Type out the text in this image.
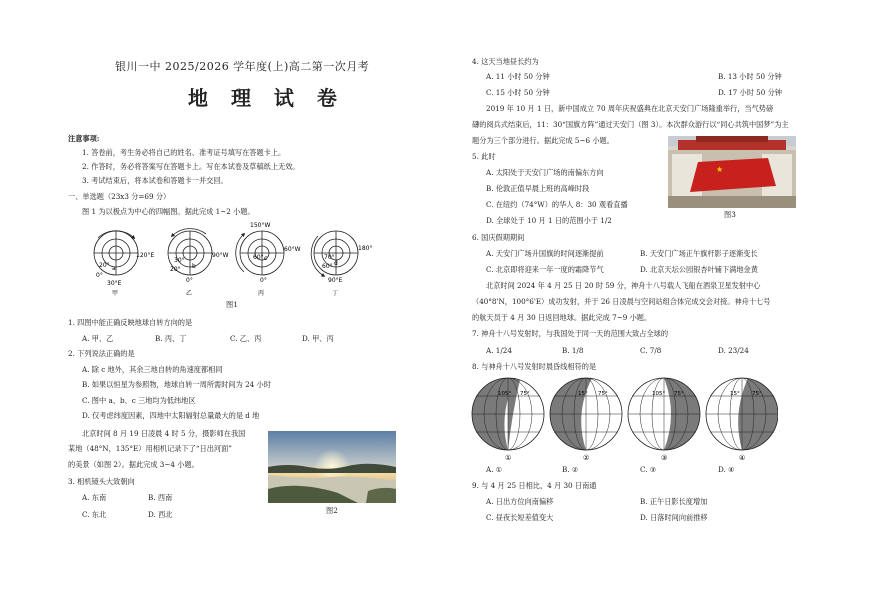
银川一中 2025/2026 学年度(上)高二第一次月考
地 理 试 卷
注意事项:
1. 答卷前，考生务必将自己的姓名、准考证号填写在答题卡上。
2. 作答时，务必将答案写在答题卡上。写在本试卷及草稿纸上无效。
3. 考试结束后，将本试卷和答题卡一并交回。
一、单选题（23x3 分=69 分）
图 1 为以极点为中心的四幅图。据此完成 1~2 小题。
120°E
20°
0°
a
30°E
甲
30°
20°
90°W
0°
b
乙
150°W
60°W
60° c
0°
丙
180°
70°
60° d
90°E
丁
图1
1. 四图中能正确反映地球自转方向的是
A. 甲、乙	B. 丙、丁	C. 乙、丙	D. 甲、丙
2. 下列说法正确的是
A. 除 c 地外，其余三地自转的角速度都相同
B. 如果以恒星为参照物，地球自转一周所需时间为 24 小时
C. 图中 a、b、c 三地均为低纬地区
D. 仅考虑纬度因素，四地中太阳辐射总量最大的是 d 地
北京时间 8 月 19 日凌晨 4 时 5 分，摄影师在我国
某地（48°N，135°E）用相机记录下了“日出河面”
的美景（如图 2）。据此完成 3~4 小题。
图2
3. 相机镜头大致朝向
A. 东南	B. 西南
C. 东北	D. 西北
4. 这天当地昼长约为
A. 11 小时 50 分钟	B. 13 小时 50 分钟
C. 15 小时 50 分钟	D. 17 小时 50 分钟
2019 年 10 月 1 日，新中国成立 70 周年庆祝盛典在北京天安门广场隆重举行，当气势磅
礴的阅兵式结束后，11：30“国旗方阵”通过天安门（图 3）。本次群众游行以“同心共筑中国梦”为主
题分为三个部分进行。据此完成 5~6 小题。
★
图3
5. 此时
A. 太阳处于天安门广场的南偏东方向
B. 伦敦正值早晨上班的高峰时段
C. 在纽约（74°W）的华人 8：30 观看直播
D. 全球处于 10 月 1 日的范围小于 1/2
6. 国庆假期期间
A. 天安门广场升国旗的时间逐渐提前	B. 天安门广场正午旗杆影子逐渐变长
C. 北京即将迎来一年一度的霜降节气	D. 北京天坛公园银杏叶铺下满地金黄
北京时间 2024 年 4 月 25 日 20 时 59 分，神舟十八号载人飞船在酒泉卫星发射中心
（40°8'N，100°6'E）成功发射，并于 26 日凌晨与空间站组合体完成交会对接。神舟十七号
的航天员于 4 月 30 日返回地球。据此完成 7~9 小题。
7. 神舟十八号发射时，与我国处于同一天的范围大致占全球的
A. 1/24	B. 1/8	C. 7/8	D. 23/24
8. 与神舟十八号发射时晨昏线相符的是
105° 75°
①
15° 75°
②
105° 75°
③
15° 75°
④
A. ①	B. ②	C. ③	D. ④
9. 与 4 月 25 日相比，4 月 30 日南通
A. 日出方位向南偏移	B. 正午日影长度增加
C. 昼夜长短差值变大	D. 日落时间向前推移
